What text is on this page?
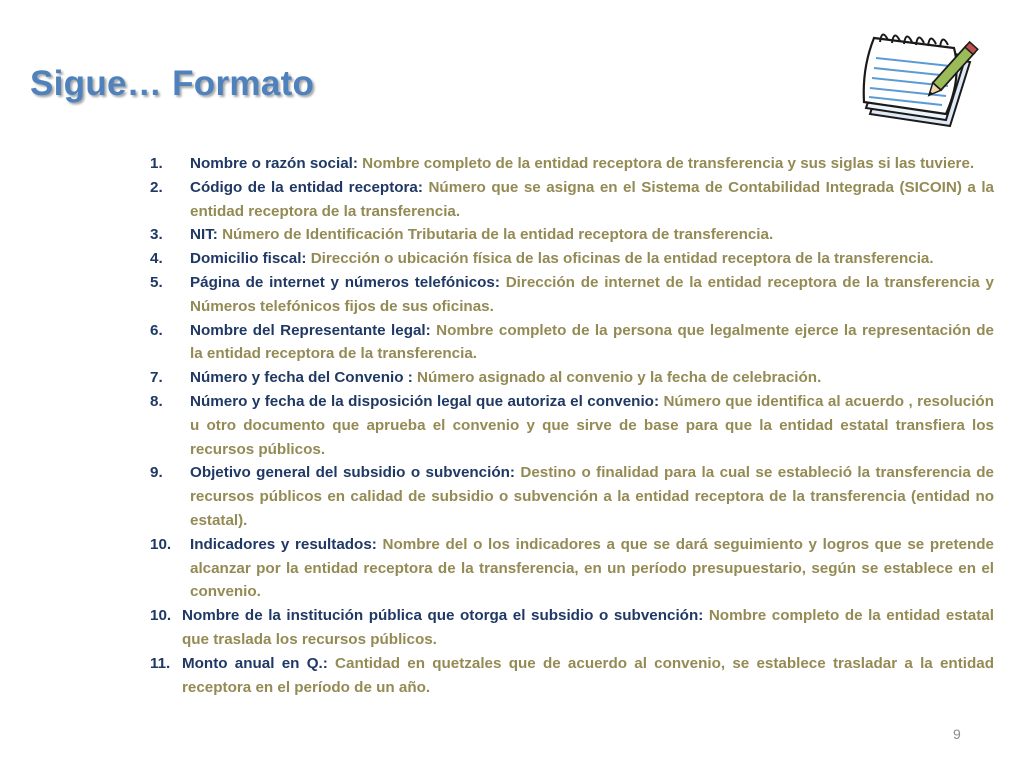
Sigue… Formato
1. Nombre o razón social: Nombre completo de la entidad receptora de transferencia y sus siglas si las tuviere.
2. Código de la entidad receptora: Número que se asigna en el Sistema de Contabilidad Integrada (SICOIN) a la entidad receptora de la transferencia.
3. NIT: Número de Identificación Tributaria de la entidad receptora de transferencia.
4. Domicilio fiscal: Dirección o ubicación física de las oficinas de la entidad receptora de la transferencia.
5. Página de internet y números telefónicos: Dirección de internet de la entidad receptora de la transferencia y Números telefónicos fijos de sus oficinas.
6. Nombre del Representante legal: Nombre completo de la persona que legalmente ejerce la representación de la entidad receptora de la transferencia.
7. Número y fecha del Convenio : Número asignado al convenio y la fecha de celebración.
8. Número y fecha de la disposición legal que autoriza el convenio: Número que identifica al acuerdo , resolución u otro documento que aprueba el convenio y que sirve de base para que la entidad estatal transfiera los recursos públicos.
9. Objetivo general del subsidio o subvención: Destino o finalidad para la cual se estableció la transferencia de recursos públicos en calidad de subsidio o subvención a la entidad receptora de la transferencia (entidad no estatal).
10. Indicadores y resultados: Nombre del o los indicadores a que se dará seguimiento y logros que se pretende alcanzar por la entidad receptora de la transferencia, en un período presupuestario, según se establece en el convenio.
10. Nombre de la institución pública que otorga el subsidio o subvención: Nombre completo de la entidad estatal que traslada los recursos públicos.
11. Monto anual en Q.: Cantidad en quetzales que de acuerdo al convenio, se establece trasladar a la entidad receptora en el período de un año.
9
